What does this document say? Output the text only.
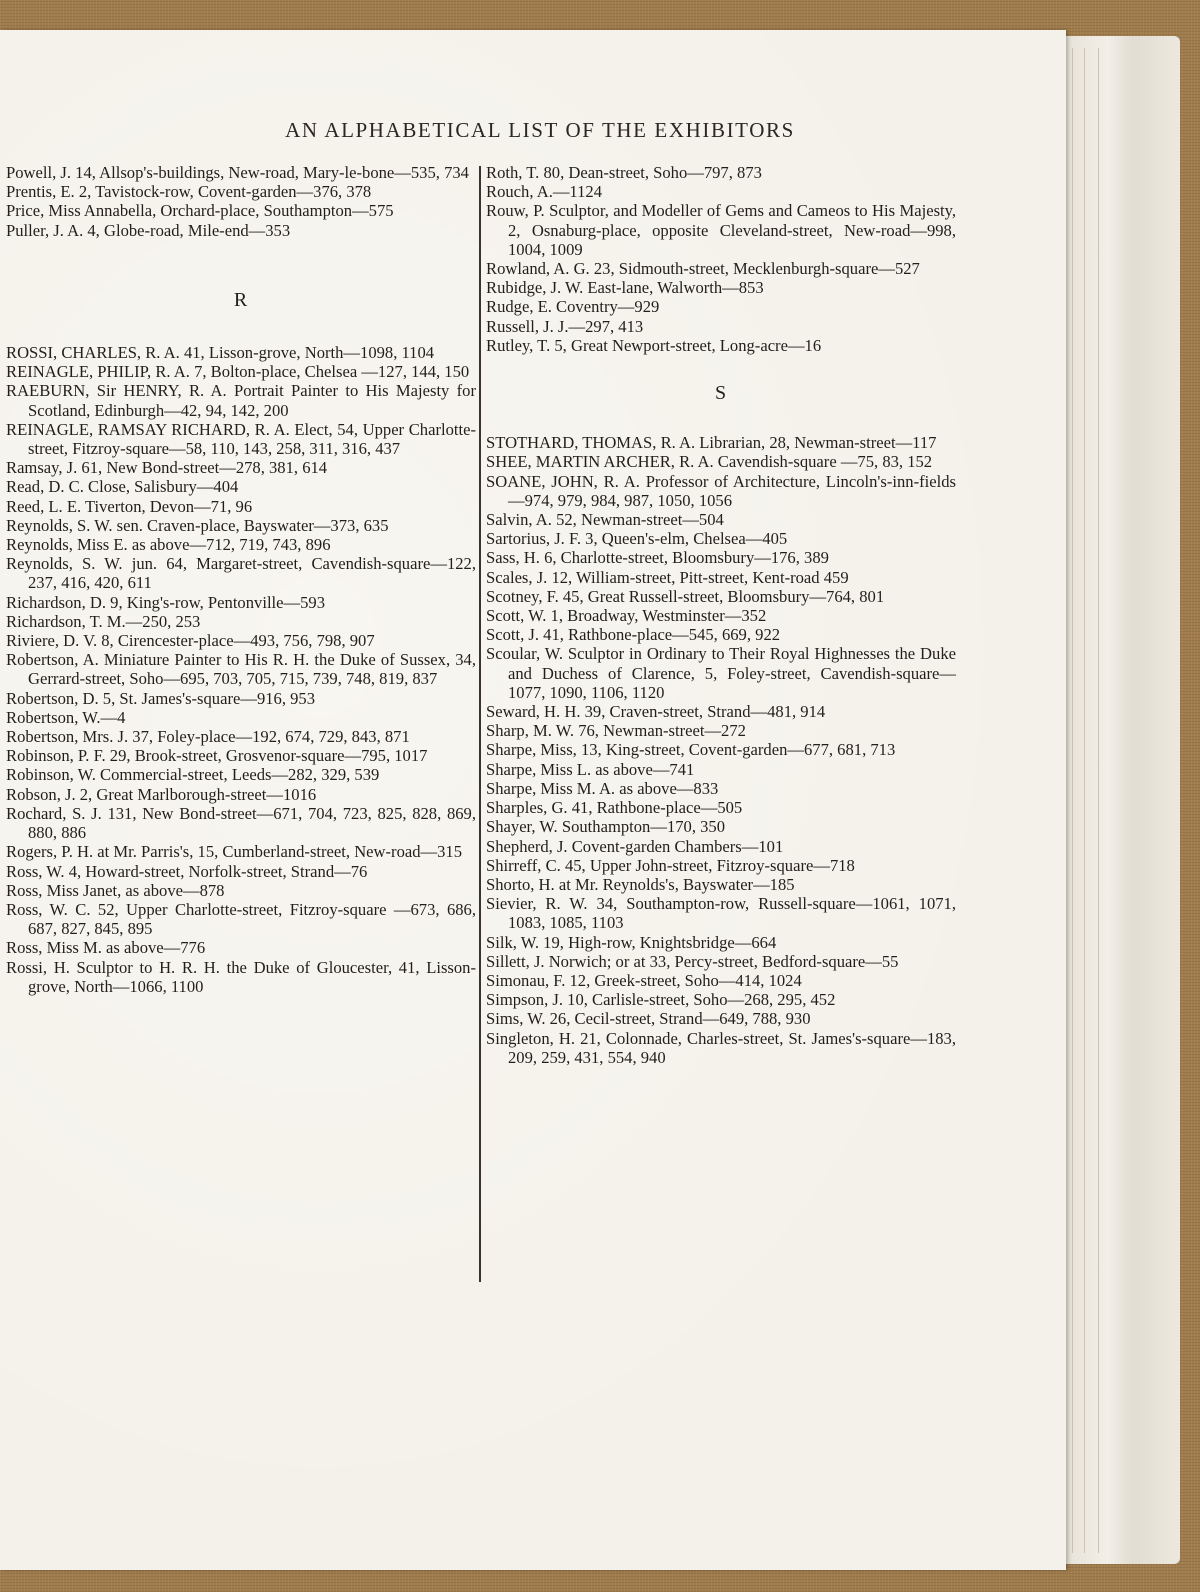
AN ALPHABETICAL LIST OF THE EXHIBITORS
Powell, J. 14, Allsop's-buildings, New-road, Mary-le-bone—535, 734
Prentis, E. 2, Tavistock-row, Covent-garden—376, 378
Price, Miss Annabella, Orchard-place, Southampton—575
Puller, J. A. 4, Globe-road, Mile-end—353
R
ROSSI, CHARLES, R. A. 41, Lisson-grove, North—1098, 1104
REINAGLE, PHILIP, R. A. 7, Bolton-place, Chelsea —127, 144, 150
RAEBURN, Sir HENRY, R. A. Portrait Painter to His Majesty for Scotland, Edinburgh—42, 94, 142, 200
REINAGLE, RAMSAY RICHARD, R. A. Elect, 54, Upper Charlotte-street, Fitzroy-square—58, 110, 143, 258, 311, 316, 437
Ramsay, J. 61, New Bond-street—278, 381, 614
Read, D. C. Close, Salisbury—404
Reed, L. E. Tiverton, Devon—71, 96
Reynolds, S. W. sen. Craven-place, Bayswater—373, 635
Reynolds, Miss E. as above—712, 719, 743, 896
Reynolds, S. W. jun. 64, Margaret-street, Cavendish-square—122, 237, 416, 420, 611
Richardson, D. 9, King's-row, Pentonville—593
Richardson, T. M.—250, 253
Riviere, D. V. 8, Cirencester-place—493, 756, 798, 907
Robertson, A. Miniature Painter to His R. H. the Duke of Sussex, 34, Gerrard-street, Soho—695, 703, 705, 715, 739, 748, 819, 837
Robertson, D. 5, St. James's-square—916, 953
Robertson, W.—4
Robertson, Mrs. J. 37, Foley-place—192, 674, 729, 843, 871
Robinson, P. F. 29, Brook-street, Grosvenor-square—795, 1017
Robinson, W. Commercial-street, Leeds—282, 329, 539
Robson, J. 2, Great Marlborough-street—1016
Rochard, S. J. 131, New Bond-street—671, 704, 723, 825, 828, 869, 880, 886
Rogers, P. H. at Mr. Parris's, 15, Cumberland-street, New-road—315
Ross, W. 4, Howard-street, Norfolk-street, Strand—76
Ross, Miss Janet, as above—878
Ross, W. C. 52, Upper Charlotte-street, Fitzroy-square —673, 686, 687, 827, 845, 895
Ross, Miss M. as above—776
Rossi, H. Sculptor to H. R. H. the Duke of Gloucester, 41, Lisson-grove, North—1066, 1100
Roth, T. 80, Dean-street, Soho—797, 873
Rouch, A.—1124
Rouw, P. Sculptor, and Modeller of Gems and Cameos to His Majesty, 2, Osnaburg-place, opposite Cleveland-street, New-road—998, 1004, 1009
Rowland, A. G. 23, Sidmouth-street, Mecklenburgh-square—527
Rubidge, J. W. East-lane, Walworth—853
Rudge, E. Coventry—929
Russell, J. J.—297, 413
Rutley, T. 5, Great Newport-street, Long-acre—16
S
STOTHARD, THOMAS, R. A. Librarian, 28, Newman-street—117
SHEE, MARTIN ARCHER, R. A. Cavendish-square —75, 83, 152
SOANE, JOHN, R. A. Professor of Architecture, Lincoln's-inn-fields—974, 979, 984, 987, 1050, 1056
Salvin, A. 52, Newman-street—504
Sartorius, J. F. 3, Queen's-elm, Chelsea—405
Sass, H. 6, Charlotte-street, Bloomsbury—176, 389
Scales, J. 12, William-street, Pitt-street, Kent-road 459
Scotney, F. 45, Great Russell-street, Bloomsbury—764, 801
Scott, W. 1, Broadway, Westminster—352
Scott, J. 41, Rathbone-place—545, 669, 922
Scoular, W. Sculptor in Ordinary to Their Royal Highnesses the Duke and Duchess of Clarence, 5, Foley-street, Cavendish-square—1077, 1090, 1106, 1120
Seward, H. H. 39, Craven-street, Strand—481, 914
Sharp, M. W. 76, Newman-street—272
Sharpe, Miss, 13, King-street, Covent-garden—677, 681, 713
Sharpe, Miss L. as above—741
Sharpe, Miss M. A. as above—833
Sharples, G. 41, Rathbone-place—505
Shayer, W. Southampton—170, 350
Shepherd, J. Covent-garden Chambers—101
Shirreff, C. 45, Upper John-street, Fitzroy-square—718
Shorto, H. at Mr. Reynolds's, Bayswater—185
Sievier, R. W. 34, Southampton-row, Russell-square—1061, 1071, 1083, 1085, 1103
Silk, W. 19, High-row, Knightsbridge—664
Sillett, J. Norwich; or at 33, Percy-street, Bedford-square—55
Simonau, F. 12, Greek-street, Soho—414, 1024
Simpson, J. 10, Carlisle-street, Soho—268, 295, 452
Sims, W. 26, Cecil-street, Strand—649, 788, 930
Singleton, H. 21, Colonnade, Charles-street, St. James's-square—183, 209, 259, 431, 554, 940
